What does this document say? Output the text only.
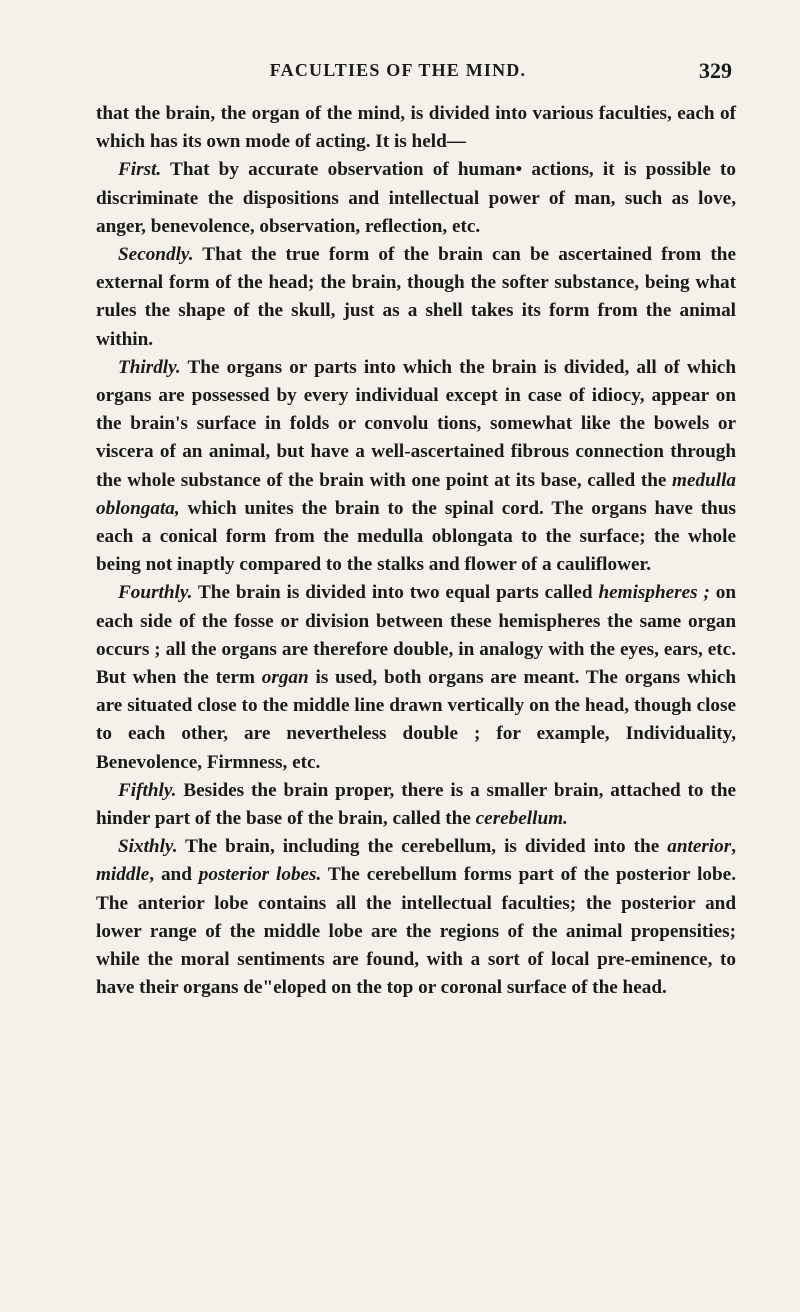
FACULTIES OF THE MIND.	329

that the brain, the organ of the mind, is divided into various faculties, each of which has its own mode of acting. It is held—

First. That by accurate observation of human• actions, it is possible to discriminate the dispositions and intellectual power of man, such as love, anger, benevolence, observation, reflection, etc.

Secondly. That the true form of the brain can be ascertained from the external form of the head; the brain, though the softer substance, being what rules the shape of the skull, just as a shell takes its form from the animal within.

Thirdly. The organs or parts into which the brain is divided, all of which organs are possessed by every individual except in case of idiocy, appear on the brain's surface in folds or convolu tions, somewhat like the bowels or viscera of an animal, but have a well-ascertained fibrous connection through the whole substance of the brain with one point at its base, called the medulla oblongata, which unites the brain to the spinal cord. The organs have thus each a conical form from the medulla oblongata to the surface; the whole being not inaptly compared to the stalks and flower of a cauliflower.

Fourthly. The brain is divided into two equal parts called hemispheres ; on each side of the fosse or division between these hemispheres the same organ occurs ; all the organs are therefore double, in analogy with the eyes, ears, etc. But when the term organ is used, both organs are meant. The organs which are situated close to the middle line drawn vertically on the head, though close to each other, are nevertheless double ; for example, Individuality, Benevolence, Firmness, etc.

Fifthly. Besides the brain proper, there is a smaller brain, attached to the hinder part of the base of the brain, called the cerebellum.

Sixthly. The brain, including the cerebellum, is divided into the anterior, middle, and posterior lobes. The cerebellum forms part of the posterior lobe. The anterior lobe contains all the intellectual faculties; the posterior and lower range of the middle lobe are the regions of the animal propensities; while the moral sentiments are found, with a sort of local pre-eminence, to have their organs de"eloped on the top or coronal surface of the head.
